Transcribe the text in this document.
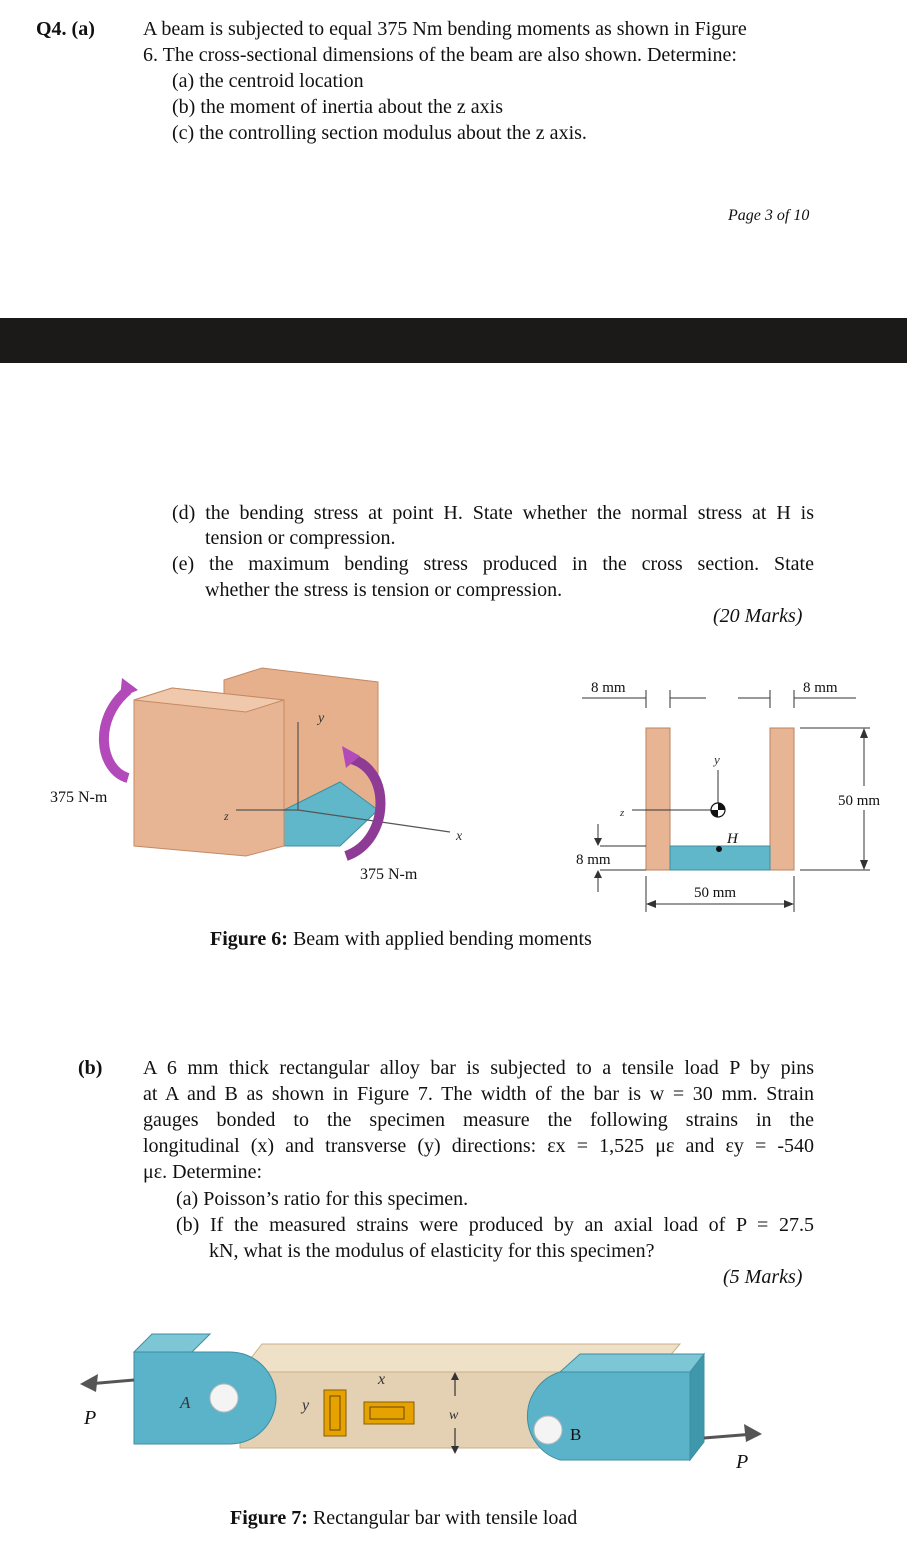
Q4. (a) A beam is subjected to equal 375 Nm bending moments as shown in Figure
6. The cross-sectional dimensions of the beam are also shown. Determine:
(a) the centroid location
(b) the moment of inertia about the z axis
(c) the controlling section modulus about the z axis.
Page 3 of 10
(d) the bending stress at point H. State whether the normal stress at H is
tension or compression.
(e) the maximum bending stress produced in the cross section. State
whether the stress is tension or compression.
(20 Marks)
y
z
x
375 N-m
375 N-m
y
z
H
8 mm	8 mm
50 mm
8 mm
50 mm
Figure 6: Beam with applied bending moments
(b) A 6 mm thick rectangular alloy bar is subjected to a tensile load P by pins
at A and B as shown in Figure 7. The width of the bar is w = 30 mm. Strain
gauges bonded to the specimen measure the following strains in the
longitudinal (x) and transverse (y) directions: εx = 1,525 με and εy = -540
με. Determine:
(a) Poisson’s ratio for this specimen.
(b) If the measured strains were produced by an axial load of P = 27.5
kN, what is the modulus of elasticity for this specimen?
(5 Marks)
A
B
y
x
w
P
P
Figure 7: Rectangular bar with tensile load
